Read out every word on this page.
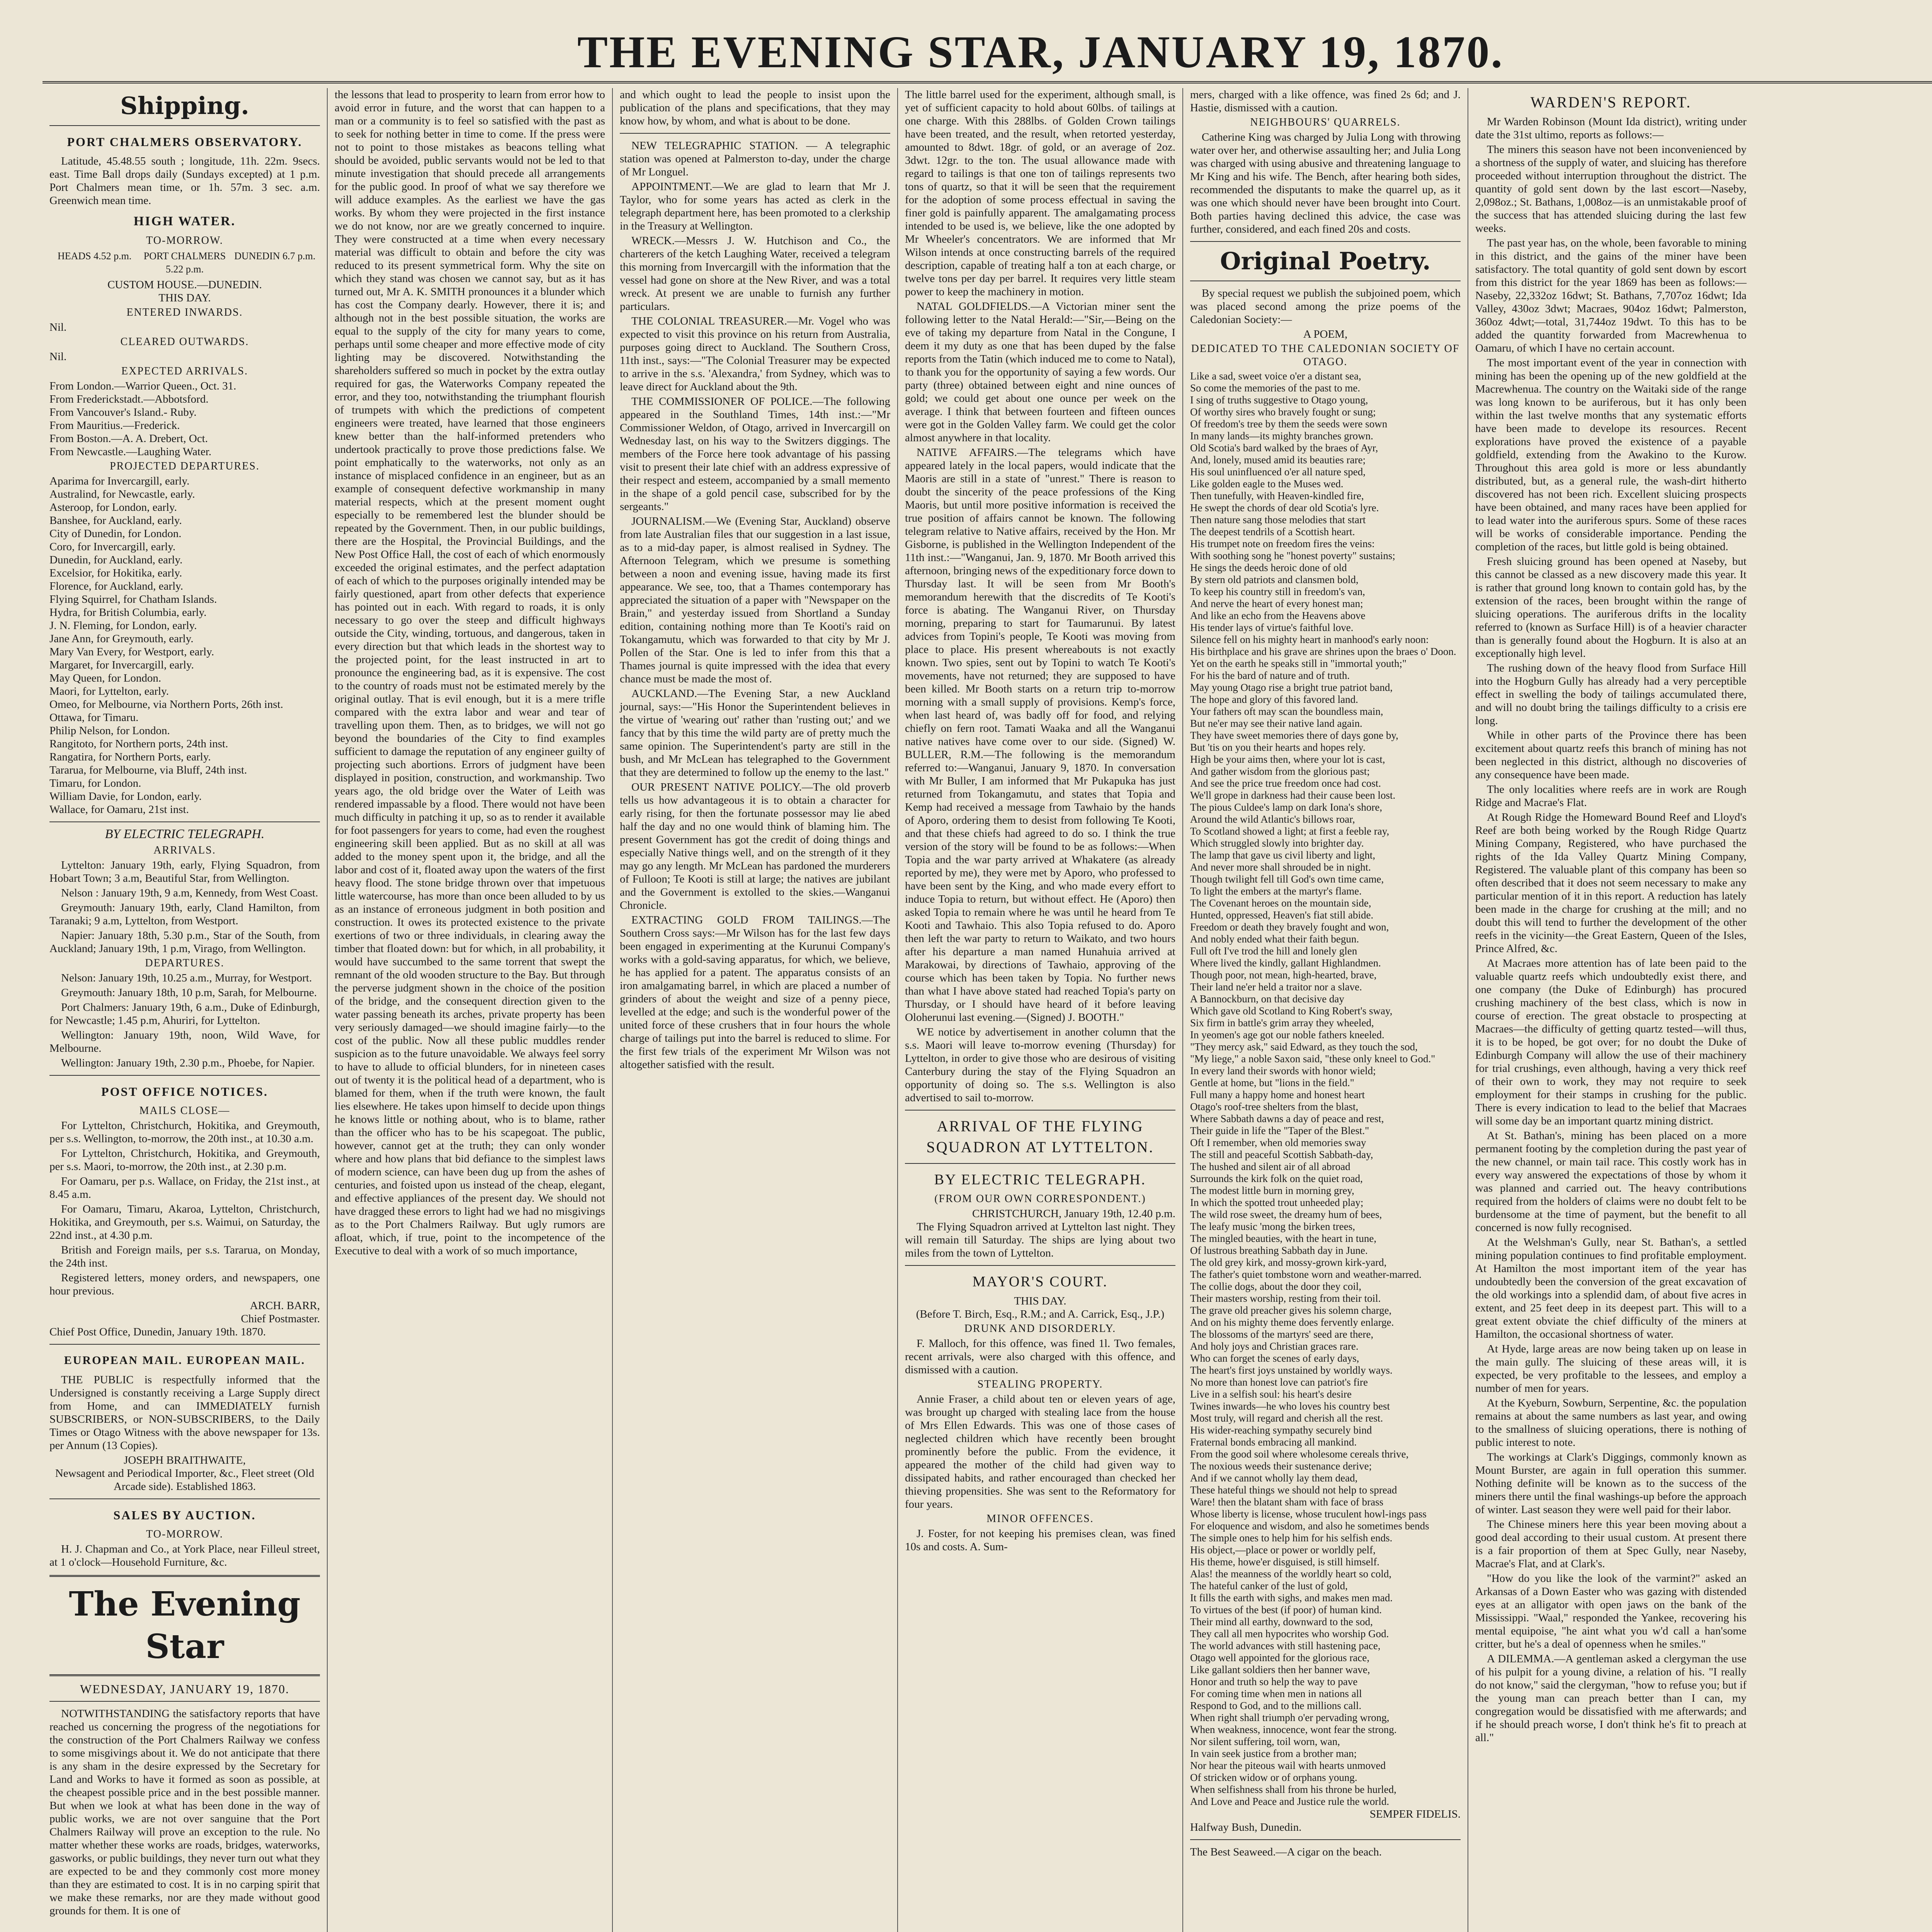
THE EVENING STAR, JANUARY 19, 1870.
Shipping.
PORT CHALMERS OBSERVATORY.

Latitude, 45.48.55 south ; longitude, 11h. 22m. 9secs. east. Time Ball drops daily (Sundays excepted) at 1 p.m. Port Chalmers mean time, or 1h. 57m. 3 sec. a.m. Greenwich mean time.

HIGH WATER.
TO-MORROW.
HEADS 4.52 p.m.	PORT CHALMERS 5.22 p.m.
DUNEDIN 6.7 p.m.
CUSTOM HOUSE.—DUNEDIN.
THIS DAY.
ENTERED INWARDS.

Nil.

CLEARED OUTWARDS.

Nil.

EXPECTED ARRIVALS.
From London.—Warrior Queen., Oct. 31.
From Frederickstadt.—Abbotsford.
From Vancouver's Island.- Ruby.
From Mauritius.—Frederick.
From Boston.—A. A. Drebert, Oct.
From Newcastle.—Laughing Water.
PROJECTED DEPARTURES.
Aparima for Invercargill, early.
Australind, for Newcastle, early.
Asteroop, for London, early.
Banshee, for Auckland, early.
City of Dunedin, for London.
Coro, for Invercargill, early.
Dunedin, for Auckland, early.
Excelsior, for Hokitika, early.
Florence, for Auckland, early.
Flying Squirrel, for Chatham Islands.
Hydra, for British Columbia, early.
J. N. Fleming, for London, early.
Jane Ann, for Greymouth, early.
Mary Van Every, for Westport, early.
Margaret, for Invercargill, early.
May Queen, for London.
Maori, for Lyttelton, early.
Omeo, for Melbourne, via Northern Ports, 26th inst.
Ottawa, for Timaru.
Philip Nelson, for London.
Rangitoto, for Northern ports, 24th inst.
Rangatira, for Northern Ports, early.
Tararua, for Melbourne, via Bluff, 24th inst.
Timaru, for London.
William Davie, for London, early.
Wallace, for Oamaru, 21st inst.
BY ELECTRIC TELEGRAPH.
ARRIVALS.

Lyttelton: January 19th, early, Flying Squadron, from Hobart Town; 3 a.m, Beautiful Star, from Wellington.

Nelson : January 19th, 9 a.m, Kennedy, from West Coast.

Greymouth: January 19th, early, Cland Hamilton, from Taranaki; 9 a.m, Lyttelton, from Westport.

Napier: January 18th, 5.30 p.m., Star of the South, from Auckland; January 19th, 1 p.m, Virago, from Wellington.

DEPARTURES.

Nelson: January 19th, 10.25 a.m., Murray, for Westport.

Greymouth: January 18th, 10 p.m, Sarah, for Melbourne.

Port Chalmers: January 19th, 6 a.m., Duke of Edinburgh, for Newcastle; 1.45 p.m, Ahuriri, for Lyttelton.

Wellington: January 19th, noon, Wild Wave, for Melbourne.

Wellington: January 19th, 2.30 p.m., Phoebe, for Napier.

POST OFFICE NOTICES.
MAILS CLOSE—

For Lyttelton, Christchurch, Hokitika, and Greymouth, per s.s. Wellington, to-morrow, the 20th inst., at 10.30 a.m.

For Lyttelton, Christchurch, Hokitika, and Greymouth, per s.s. Maori, to-morrow, the 20th inst., at 2.30 p.m.

For Oamaru, per p.s. Wallace, on Friday, the 21st inst., at 8.45 a.m.

For Oamaru, Timaru, Akaroa, Lyttelton, Christchurch, Hokitika, and Greymouth, per s.s. Waimui, on Saturday, the 22nd inst., at 4.30 p.m.

British and Foreign mails, per s.s. Tararua, on Monday, the 24th inst.

Registered letters, money orders, and newspapers, one hour previous.

ARCH. BARR,
Chief Postmaster.
Chief Post Office, Dunedin, January 19th. 1870.
EUROPEAN MAIL. EUROPEAN MAIL.

THE PUBLIC is respectfully informed that the Undersigned is constantly receiving a Large Supply direct from Home, and can IMMEDIATELY furnish SUBSCRIBERS, or NON-SUBSCRIBERS, to the Daily Times or Otago Witness with the above newspaper for 13s. per Annum (13 Copies).

JOSEPH BRAITHWAITE,
Newsagent and Periodical Importer, &c., Fleet street (Old Arcade side). Established 1863.
SALES BY AUCTION.
TO-MORROW.

H. J. Chapman and Co., at York Place, near Filleul street, at 1 o'clock—Household Furniture, &c.

The Evening Star
WEDNESDAY, JANUARY 19, 1870.

NOTWITHSTANDING the satisfactory reports that have reached us concerning the progress of the negotiations for the construction of the Port Chalmers Railway we confess to some misgivings about it. We do not anticipate that there is any sham in the desire expressed by the Secretary for Land and Works to have it formed as soon as possible, at the cheapest possible price and in the best possible manner. But when we look at what has been done in the way of public works, we are not over sanguine that the Port Chalmers Railway will prove an exception to the rule. No matter whether these works are roads, bridges, waterworks, gasworks, or public buildings, they never turn out what they are expected to be and they commonly cost more money than they are estimated to cost. It is in no carping spirit that we make these remarks, nor are they made without good grounds for them. It is one of

the lessons that lead to prosperity to learn from error how to avoid error in future, and the worst that can happen to a man or a community is to feel so satisfied with the past as to seek for nothing better in time to come. If the press were not to point to those mistakes as beacons telling what should be avoided, public servants would not be led to that minute investigation that should precede all arrangements for the public good. In proof of what we say therefore we will adduce examples. As the earliest we have the gas works. By whom they were projected in the first instance we do not know, nor are we greatly concerned to inquire. They were constructed at a time when every necessary material was difficult to obtain and before the city was reduced to its present symmetrical form. Why the site on which they stand was chosen we cannot say, but as it has turned out, Mr A. K. SMITH pronounces it a blunder which has cost the Company dearly. However, there it is; and although not in the best possible situation, the works are equal to the supply of the city for many years to come, perhaps until some cheaper and more effective mode of city lighting may be discovered. Notwithstanding the shareholders suffered so much in pocket by the extra outlay required for gas, the Waterworks Company repeated the error, and they too, notwithstanding the triumphant flourish of trumpets with which the predictions of competent engineers were treated, have learned that those engineers knew better than the half-informed pretenders who undertook practically to prove those predictions false. We point emphatically to the waterworks, not only as an instance of misplaced confidence in an engineer, but as an example of consequent defective workmanship in many material respects, which at the present moment ought especially to be remembered lest the blunder should be repeated by the Government. Then, in our public buildings, there are the Hospital, the Provincial Buildings, and the New Post Office Hall, the cost of each of which enormously exceeded the original estimates, and the perfect adaptation of each of which to the purposes originally intended may be fairly questioned, apart from other defects that experience has pointed out in each. With regard to roads, it is only necessary to go over the steep and difficult highways outside the City, winding, tortuous, and dangerous, taken in every direction but that which leads in the shortest way to the projected point, for the least instructed in art to pronounce the engineering bad, as it is expensive. The cost to the country of roads must not be estimated merely by the original outlay. That is evil enough, but it is a mere trifle compared with the extra labor and wear and tear of travelling upon them. Then, as to bridges, we will not go beyond the boundaries of the City to find examples sufficient to damage the reputation of any engineer guilty of projecting such abortions. Errors of judgment have been displayed in position, construction, and workmanship. Two years ago, the old bridge over the Water of Leith was rendered impassable by a flood. There would not have been much difficulty in patching it up, so as to render it available for foot passengers for years to come, had even the roughest engineering skill been applied. But as no skill at all was added to the money spent upon it, the bridge, and all the labor and cost of it, floated away upon the waters of the first heavy flood. The stone bridge thrown over that impetuous little watercourse, has more than once been alluded to by us as an instance of erroneous judgment in both position and construction. It owes its protected existence to the private exertions of two or three individuals, in clearing away the timber that floated down: but for which, in all probability, it would have succumbed to the same torrent that swept the remnant of the old wooden structure to the Bay. But through the perverse judgment shown in the choice of the position of the bridge, and the consequent direction given to the water passing beneath its arches, private property has been very seriously damaged—we should imagine fairly—to the cost of the public. Now all these public muddles render suspicion as to the future unavoidable. We always feel sorry to have to allude to official blunders, for in nineteen cases out of twenty it is the political head of a department, who is blamed for them, when if the truth were known, the fault lies elsewhere. He takes upon himself to decide upon things he knows little or nothing about, who is to blame, rather than the officer who has to be his scapegoat. The public, however, cannot get at the truth; they can only wonder where and how plans that bid defiance to the simplest laws of modern science, can have been dug up from the ashes of centuries, and foisted upon us instead of the cheap, elegant, and effective appliances of the present day. We should not have dragged these errors to light had we had no misgivings as to the Port Chalmers Railway. But ugly rumors are afloat, which, if true, point to the incompetence of the Executive to deal with a work of so much importance,

and which ought to lead the people to insist upon the publication of the plans and specifications, that they may know how, by whom, and what is about to be done.

NEW TELEGRAPHIC STATION. — A telegraphic station was opened at Palmerston to-day, under the charge of Mr Longuel.

APPOINTMENT.—We are glad to learn that Mr J. Taylor, who for some years has acted as clerk in the telegraph department here, has been promoted to a clerkship in the Treasury at Wellington.

WRECK.—Messrs J. W. Hutchison and Co., the charterers of the ketch Laughing Water, received a telegram this morning from Invercargill with the information that the vessel had gone on shore at the New River, and was a total wreck. At present we are unable to furnish any further particulars.

THE COLONIAL TREASURER.—Mr. Vogel who was expected to visit this province on his return from Australia, purposes going direct to Auckland. The Southern Cross, 11th inst., says:—"The Colonial Treasurer may be expected to arrive in the s.s. 'Alexandra,' from Sydney, which was to leave direct for Auckland about the 9th.

THE COMMISSIONER OF POLICE.—The following appeared in the Southland Times, 14th inst.:—"Mr Commissioner Weldon, of Otago, arrived in Invercargill on Wednesday last, on his way to the Switzers diggings. The members of the Force here took advantage of his passing visit to present their late chief with an address expressive of their respect and esteem, accompanied by a small memento in the shape of a gold pencil case, subscribed for by the sergeants."

JOURNALISM.—We (Evening Star, Auckland) observe from late Australian files that our suggestion in a last issue, as to a mid-day paper, is almost realised in Sydney. The Afternoon Telegram, which we presume is something between a noon and evening issue, having made its first appearance. We see, too, that a Thames contemporary has appreciated the situation of a paper with "Newspaper on the Brain," and yesterday issued from Shortland a Sunday edition, containing nothing more than Te Kooti's raid on Tokangamutu, which was forwarded to that city by Mr J. Pollen of the Star. One is led to infer from this that a Thames journal is quite impressed with the idea that every chance must be made the most of.

AUCKLAND.—The Evening Star, a new Auckland journal, says:—"His Honor the Superintendent believes in the virtue of 'wearing out' rather than 'rusting out;' and we fancy that by this time the wild party are of pretty much the same opinion. The Superintendent's party are still in the bush, and Mr McLean has telegraphed to the Government that they are determined to follow up the enemy to the last."

OUR PRESENT NATIVE POLICY.—The old proverb tells us how advantageous it is to obtain a character for early rising, for then the fortunate possessor may lie abed half the day and no one would think of blaming him. The present Government has got the credit of doing things and especially Native things well, and on the strength of it they may go any length. Mr McLean has pardoned the murderers of Fulloon; Te Kooti is still at large; the natives are jubilant and the Government is extolled to the skies.—Wanganui Chronicle.

EXTRACTING GOLD FROM TAILINGS.—The Southern Cross says:—Mr Wilson has for the last few days been engaged in experimenting at the Kurunui Company's works with a gold-saving apparatus, for which, we believe, he has applied for a patent. The apparatus consists of an iron amalgamating barrel, in which are placed a number of grinders of about the weight and size of a penny piece, levelled at the edge; and such is the wonderful power of the united force of these crushers that in four hours the whole charge of tailings put into the barrel is reduced to slime. For the first few trials of the experiment Mr Wilson was not altogether satisfied with the result.

The little barrel used for the experiment, although small, is yet of sufficient capacity to hold about 60lbs. of tailings at one charge. With this 288lbs. of Golden Crown tailings have been treated, and the result, when retorted yesterday, amounted to 8dwt. 18gr. of gold, or an average of 2oz. 3dwt. 12gr. to the ton. The usual allowance made with regard to tailings is that one ton of tailings represents two tons of quartz, so that it will be seen that the requirement for the adoption of some process effectual in saving the finer gold is painfully apparent. The amalgamating process intended to be used is, we believe, like the one adopted by Mr Wheeler's concentrators. We are informed that Mr Wilson intends at once constructing barrels of the required description, capable of treating half a ton at each charge, or twelve tons per day per barrel. It requires very little steam power to keep the machinery in motion.

NATAL GOLDFIELDS.—A Victorian miner sent the following letter to the Natal Herald:—"Sir,—Being on the eve of taking my departure from Natal in the Congune, I deem it my duty as one that has been duped by the false reports from the Tatin (which induced me to come to Natal), to thank you for the opportunity of saying a few words. Our party (three) obtained between eight and nine ounces of gold; we could get about one ounce per week on the average. I think that between fourteen and fifteen ounces were got in the Golden Valley farm. We could get the color almost anywhere in that locality.

NATIVE AFFAIRS.—The telegrams which have appeared lately in the local papers, would indicate that the Maoris are still in a state of "unrest." There is reason to doubt the sincerity of the peace professions of the King Maoris, but until more positive information is received the true position of affairs cannot be known. The following telegram relative to Native affairs, received by the Hon. Mr Gisborne, is published in the Wellington Independent of the 11th inst.:—"Wanganui, Jan. 9, 1870. Mr Booth arrived this afternoon, bringing news of the expeditionary force down to Thursday last. It will be seen from Mr Booth's memorandum herewith that the discredits of Te Kooti's force is abating. The Wanganui River, on Thursday morning, preparing to start for Taumarunui. By latest advices from Topini's people, Te Kooti was moving from place to place. His present whereabouts is not exactly known. Two spies, sent out by Topini to watch Te Kooti's movements, have not returned; they are supposed to have been killed. Mr Booth starts on a return trip to-morrow morning with a small supply of provisions. Kemp's force, when last heard of, was badly off for food, and relying chiefly on fern root. Tamati Waaka and all the Wanganui native natives have come over to our side. (Signed) W. BULLER, R.M.—The following is the memorandum referred to:—Wanganui, January 9, 1870. In conversation with Mr Buller, I am informed that Mr Pukapuka has just returned from Tokangamutu, and states that Topia and Kemp had received a message from Tawhaio by the hands of Aporo, ordering them to desist from following Te Kooti, and that these chiefs had agreed to do so. I think the true version of the story will be found to be as follows:—When Topia and the war party arrived at Whakatere (as already reported by me), they were met by Aporo, who professed to have been sent by the King, and who made every effort to induce Topia to return, but without effect. He (Aporo) then asked Topia to remain where he was until he heard from Te Kooti and Tawhaio. This also Topia refused to do. Aporo then left the war party to return to Waikato, and two hours after his departure a man named Hunahuia arrived at Marakowai, by directions of Tawhaio, approving of the course which has been taken by Topia. No further news than what I have above stated had reached Topia's party on Thursday, or I should have heard of it before leaving Oloherunui last evening.—(Signed) J. BOOTH."

WE notice by advertisement in another column that the s.s. Maori will leave to-morrow evening (Thursday) for Lyttelton, in order to give those who are desirous of visiting Canterbury during the stay of the Flying Squadron an opportunity of doing so. The s.s. Wellington is also advertised to sail to-morrow.

ARRIVAL OF THE FLYING SQUADRON AT LYTTELTON.
BY ELECTRIC TELEGRAPH.
(FROM OUR OWN CORRESPONDENT.)
CHRISTCHURCH, January 19th, 12.40 p.m.

The Flying Squadron arrived at Lyttelton last night. They will remain till Saturday. The ships are lying about two miles from the town of Lyttelton.

MAYOR'S COURT.
THIS DAY.
(Before T. Birch, Esq., R.M.; and A. Carrick, Esq., J.P.)
DRUNK AND DISORDERLY.

F. Malloch, for this offence, was fined 1l. Two females, recent arrivals, were also charged with this offence, and dismissed with a caution.

STEALING PROPERTY.

Annie Fraser, a child about ten or eleven years of age, was brought up charged with stealing lace from the house of Mrs Ellen Edwards. This was one of those cases of neglected children which have recently been brought prominently before the public. From the evidence, it appeared the mother of the child had given way to dissipated habits, and rather encouraged than checked her thieving propensities. She was sent to the Reformatory for four years.

MINOR OFFENCES.

J. Foster, for not keeping his premises clean, was fined 10s and costs. A. Sum-

mers, charged with a like offence, was fined 2s 6d; and J. Hastie, dismissed with a caution.

NEIGHBOURS' QUARRELS.

Catherine King was charged by Julia Long with throwing water over her, and otherwise assaulting her; and Julia Long was charged with using abusive and threatening language to Mr King and his wife. The Bench, after hearing both sides, recommended the disputants to make the quarrel up, as it was one which should never have been brought into Court. Both parties having declined this advice, the case was further, considered, and each fined 20s and costs.

Original Poetry.

By special request we publish the subjoined poem, which was placed second among the prize poems of the Caledonian Society:—

A POEM,
DEDICATED TO THE CALEDONIAN SOCIETY OF OTAGO.
Like a sad, sweet voice o'er a distant sea,
So come the memories of the past to me.
I sing of truths suggestive to Otago young,
Of worthy sires who bravely fought or sung;
Of freedom's tree by them the seeds were sown
In many lands—its mighty branches grown.
Old Scotia's bard walked by the braes of Ayr,
And, lonely, mused amid its beauties rare;
His soul uninfluenced o'er all nature sped,
Like golden eagle to the Muses wed.
Then tunefully, with Heaven-kindled fire,
He swept the chords of dear old Scotia's lyre.
Then nature sang those melodies that start
The deepest tendrils of a Scottish heart.
His trumpet note on freedom fires the veins:
With soothing song he "honest poverty" sustains;
He sings the deeds heroic done of old
By stern old patriots and clansmen bold,
To keep his country still in freedom's van,
And nerve the heart of every honest man;
And like an echo from the Heavens above
His tender lays of virtue's faithful love.
Silence fell on his mighty heart in manhood's early noon:
His birthplace and his grave are shrines upon the braes o' Doon.
Yet on the earth he speaks still in "immortal youth;"
For his the bard of nature and of truth.
May young Otago rise a bright true patriot band,
The hope and glory of this favored land.
Your fathers oft may scan the boundless main,
But ne'er may see their native land again.
They have sweet memories there of days gone by,
But 'tis on you their hearts and hopes rely.
High be your aims then, where your lot is cast,
And gather wisdom from the glorious past;
And see the price true freedom once had cost.
We'll grope in darkness had their cause been lost.
The pious Culdee's lamp on dark Iona's shore,
Around the wild Atlantic's billows roar,
To Scotland showed a light; at first a feeble ray,
Which struggled slowly into brighter day.
The lamp that gave us civil liberty and light,
And never more shall shrouded be in night.
Though twilight fell till God's own time came,
To light the embers at the martyr's flame.
The Covenant heroes on the mountain side,
Hunted, oppressed, Heaven's fiat still abide.
Freedom or death they bravely fought and won,
And nobly ended what their faith begun.
Full oft I've trod the hill and lonely glen
Where lived the kindly, gallant Highlandmen.
Though poor, not mean, high-hearted, brave,
Their land ne'er held a traitor nor a slave.
A Bannockburn, on that decisive day
Which gave old Scotland to King Robert's sway,
Six firm in battle's grim array they wheeled,
In yeomen's age got our noble fathers kneeled.
"They mercy ask," said Edward, as they touch the sod,
"My liege," a noble Saxon said, "these only kneel to God."
In every land their swords with honor wield;
Gentle at home, but "lions in the field."
Full many a happy home and honest heart
Otago's roof-tree shelters from the blast,
Where Sabbath dawns a day of peace and rest,
Their guide in life the "Taper of the Blest."
Oft I remember, when old memories sway
The still and peaceful Scottish Sabbath-day,
The hushed and silent air of all abroad
Surrounds the kirk folk on the quiet road,
The modest little burn in morning grey,
In which the spotted trout unheeded play;
The wild rose sweet, the dreamy hum of bees,
The leafy music 'mong the birken trees,
The mingled beauties, with the heart in tune,
Of lustrous breathing Sabbath day in June.
The old grey kirk, and mossy-grown kirk-yard,
The father's quiet tombstone worn and weather-marred.
The collie dogs, about the door they coil,
Their masters worship, resting from their toil.
The grave old preacher gives his solemn charge,
And on his mighty theme does fervently enlarge.
The blossoms of the martyrs' seed are there,
And holy joys and Christian graces rare.
Who can forget the scenes of early days,
The heart's first joys unstained by worldly ways.
No more than honest love can patriot's fire
Live in a selfish soul: his heart's desire
Twines inwards—he who loves his country best
Most truly, will regard and cherish all the rest.
His wider-reaching sympathy securely bind
Fraternal bonds embracing all mankind.
From the good soil where wholesome cereals thrive,
The noxious weeds their sustenance derive;
And if we cannot wholly lay them dead,
These hateful things we should not help to spread
Ware! then the blatant sham with face of brass
Whose liberty is license, whose truculent howl-ings pass
For eloquence and wisdom, and also he sometimes bends
The simple ones to help him for his selfish ends.
His object,—place or power or worldly pelf,
His theme, howe'er disguised, is still himself.
Alas! the meanness of the worldly heart so cold,
The hateful canker of the lust of gold,
It fills the earth with sighs, and makes men mad.
To virtues of the best (if poor) of human kind.
Their mind all earthy, downward to the sod,
They call all men hypocrites who worship God.
The world advances with still hastening pace,
Otago well appointed for the glorious race,
Like gallant soldiers then her banner wave,
Honor and truth so help the way to pave
For coming time when men in nations all
Respond to God, and to the millions call.
When right shall triumph o'er pervading wrong,
When weakness, innocence, wont fear the strong.
Nor silent suffering, toil worn, wan,
In vain seek justice from a brother man;
Nor hear the piteous wail with hearts unmoved
Of stricken widow or of orphans young.
When selfishness shall from his throne be hurled,
And Love and Peace and Justice rule the world.
SEMPER FIDELIS.
Halfway Bush, Dunedin.

The Best Seaweed.—A cigar on the beach.

WARDEN'S REPORT.

Mr Warden Robinson (Mount Ida district), writing under date the 31st ultimo, reports as follows:—

The miners this season have not been inconvenienced by a shortness of the supply of water, and sluicing has therefore proceeded without interruption throughout the district. The quantity of gold sent down by the last escort—Naseby, 2,098oz.; St. Bathans, 1,008oz—is an unmistakable proof of the success that has attended sluicing during the last few weeks.

The past year has, on the whole, been favorable to mining in this district, and the gains of the miner have been satisfactory. The total quantity of gold sent down by escort from this district for the year 1869 has been as follows:—Naseby, 22,332oz 16dwt; St. Bathans, 7,707oz 16dwt; Ida Valley, 430oz 3dwt; Macraes, 904oz 16dwt; Palmerston, 360oz 4dwt;—total, 31,744oz 19dwt. To this has to be added the quantity forwarded from Macrewhenua to Oamaru, of which I have no certain account.

The most important event of the year in connection with mining has been the opening up of the new goldfield at the Macrewhenua. The country on the Waitaki side of the range was long known to be auriferous, but it has only been within the last twelve months that any systematic efforts have been made to develope its resources. Recent explorations have proved the existence of a payable goldfield, extending from the Awakino to the Kurow. Throughout this area gold is more or less abundantly distributed, but, as a general rule, the wash-dirt hitherto discovered has not been rich. Excellent sluicing prospects have been obtained, and many races have been applied for to lead water into the auriferous spurs. Some of these races will be works of considerable importance. Pending the completion of the races, but little gold is being obtained.

Fresh sluicing ground has been opened at Naseby, but this cannot be classed as a new discovery made this year. It is rather that ground long known to contain gold has, by the extension of the races, been brought within the range of sluicing operations. The auriferous drifts in the locality referred to (known as Surface Hill) is of a heavier character than is generally found about the Hogburn. It is also at an exceptionally high level.

The rushing down of the heavy flood from Surface Hill into the Hogburn Gully has already had a very perceptible effect in swelling the body of tailings accumulated there, and will no doubt bring the tailings difficulty to a crisis ere long.

While in other parts of the Province there has been excitement about quartz reefs this branch of mining has not been neglected in this district, although no discoveries of any consequence have been made.

The only localities where reefs are in work are Rough Ridge and Macrae's Flat.

At Rough Ridge the Homeward Bound Reef and Lloyd's Reef are both being worked by the Rough Ridge Quartz Mining Company, Registered, who have purchased the rights of the Ida Valley Quartz Mining Company, Registered. The valuable plant of this company has been so often described that it does not seem necessary to make any particular mention of it in this report. A reduction has lately been made in the charge for crushing at the mill; and no doubt this will tend to further the development of the other reefs in the vicinity—the Great Eastern, Queen of the Isles, Prince Alfred, &c.

At Macraes more attention has of late been paid to the valuable quartz reefs which undoubtedly exist there, and one company (the Duke of Edinburgh) has procured crushing machinery of the best class, which is now in course of erection. The great obstacle to prospecting at Macraes—the difficulty of getting quartz tested—will thus, it is to be hoped, be got over; for no doubt the Duke of Edinburgh Company will allow the use of their machinery for trial crushings, even although, having a very thick reef of their own to work, they may not require to seek employment for their stamps in crushing for the public. There is every indication to lead to the belief that Macraes will some day be an important quartz mining district.

At St. Bathan's, mining has been placed on a more permanent footing by the completion during the past year of the new channel, or main tail race. This costly work has in every way answered the expectations of those by whom it was planned and carried out. The heavy contributions required from the holders of claims were no doubt felt to be burdensome at the time of payment, but the benefit to all concerned is now fully recognised.

At the Welshman's Gully, near St. Bathan's, a settled mining population continues to find profitable employment. At Hamilton the most important item of the year has undoubtedly been the conversion of the great excavation of the old workings into a splendid dam, of about five acres in extent, and 25 feet deep in its deepest part. This will to a great extent obviate the chief difficulty of the miners at Hamilton, the occasional shortness of water.

At Hyde, large areas are now being taken up on lease in the main gully. The sluicing of these areas will, it is expected, be very profitable to the lessees, and employ a number of men for years.

At the Kyeburn, Sowburn, Serpentine, &c. the population remains at about the same numbers as last year, and owing to the smallness of sluicing operations, there is nothing of public interest to note.

The workings at Clark's Diggings, commonly known as Mount Burster, are again in full operation this summer. Nothing definite will be known as to the success of the miners there until the final washings-up before the approach of winter. Last season they were well paid for their labor.

The Chinese miners here this year been moving about a good deal according to their usual custom. At present there is a fair proportion of them at Spec Gully, near Naseby, Macrae's Flat, and at Clark's.

"How do you like the look of the varmint?" asked an Arkansas of a Down Easter who was gazing with distended eyes at an alligator with open jaws on the bank of the Mississippi. "Waal," responded the Yankee, recovering his mental equipoise, "he aint what you w'd call a han'some critter, but he's a deal of openness when he smiles."

A DILEMMA.—A gentleman asked a clergyman the use of his pulpit for a young divine, a relation of his. "I really do not know," said the clergyman, "how to refuse you; but if the young man can preach better than I can, my congregation would be dissatisfied with me afterwards; and if he should preach worse, I don't think he's fit to preach at all."
